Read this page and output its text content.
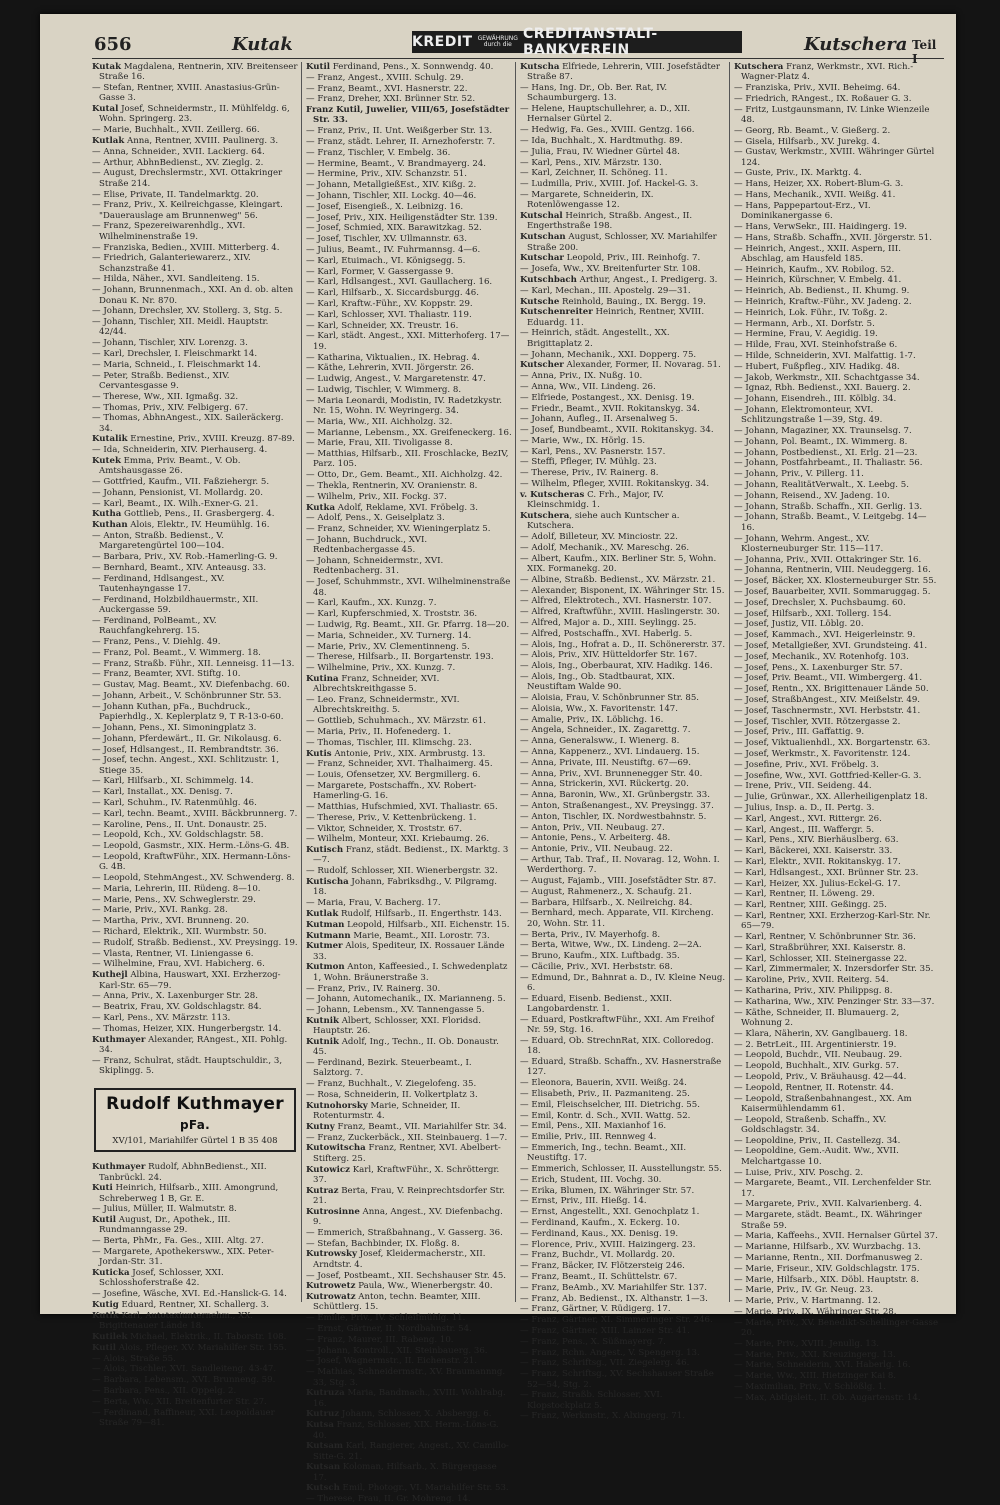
656	Kutak	KREDIT GEWÄHRUNG
durch die
CREDITANSTALT-BANKVEREIN	Kutschera Teil I
Kutak Magdalena, Rentnerin, XIV. Breitenseer Straße 16.
— Stefan, Rentner, XVIII. Anastasius-Grün-Gasse 3.
Kutal Josef, Schneidermstr., II. Mühlfeldg. 6, Wohn. Springerg. 23.
— Marie, Buchhalt., XVII. Zeillerg. 66.
Kutlak Anna, Rentner, XVIII. Paulinerg. 3.
— Anna, Schneider., XVII. Lackierg. 64.
— Arthur, AbhnBedienst., XV. Zieglg. 2.
— August, Drechslermstr., XVI. Ottakringer Straße 214.
— Elise, Private, II. Tandelmarktg. 20.
— Franz, Priv., X. Keilreichgasse, Kleingart. "Dauerauslage am Brunnenweg" 56.
— Franz, Spezereiwarenhdlg., XVI. Wilhelminenstraße 19.
— Franziska, Bedien., XVIII. Mitterberg. 4.
— Friedrich, Galanteriewarerz., XIV. Schanzstraße 41.
— Hilda, Näher., XVI. Sandleiteng. 15.
— Johann, Brunnenmach., XXI. An d. ob. alten Donau K. Nr. 870.
— Johann, Drechsler, XV. Stollerg. 3, Stg. 5.
— Johann, Tischler, XII. Meidl. Hauptstr. 42/44.
— Johann, Tischler, XIV. Lorenzg. 3.
— Karl, Drechsler, I. Fleischmarkt 14.
— Maria, Schneid., I. Fleischmarkt 14.
— Peter, Straßb. Bedienst., XIV. Cervantesgasse 9.
— Therese, Ww., XII. Igmaßg. 32.
— Thomas, Priv., XIV. Felbigerg. 67.
— Thomas, AbhnAngest., XIX. Saileräckerg. 34.
Kutalik Ernestine, Priv., XVIII. Kreuzg. 87-89.
— Ida, Schneiderin, XIV. Pierhauserg. 4.
Kutek Emma, Priv. Beamt., V. Ob. Amtshausgasse 26.
— Gottfried, Kaufm., VII. Faßziehergr. 5.
— Johann, Pensionist, VI. Mollardg. 20.
— Karl, Beamt., IX. Wilh.-Exner-G. 21.
Kutha Gottlieb, Pens., II. Grasbergerg. 4.
Kuthan Alois, Elektr., IV. Heumühlg. 16.
— Anton, Straßb. Bedienst., V. Margaretengürtel 100—104.
— Barbara, Priv., XV. Rob.-Hamerling-G. 9.
— Bernhard, Beamt., XIV. Anteausg. 33.
— Ferdinand, Hdlsangest., XV. Tautenhayngasse 17.
— Ferdinand, Holzbildhauermstr., XII. Auckergasse 59.
— Ferdinand, PolBeamt., XV. Rauchfangkehrerg. 15.
— Franz, Pens., V. Diehlg. 49.
— Franz, Pol. Beamt., V. Wimmerg. 18.
— Franz, Straßb. Führ., XII. Lenneisg. 11—13.
— Franz, Beamter, XVI. Stiftg. 10.
— Gustav, Mag. Beamt., XV. Diefenbachg. 60.
— Johann, Arbeit., V. Schönbrunner Str. 53.
— Johann Kuthan, pFa., Buchdruck., Papierhdlg., X. Keplerplatz 9, T R-13-0-60.
— Johann, Pens., XI. Simoningplatz 3.
— Johann, Pferdewärt., II. Gr. Nikolausg. 6.
— Josef, Hdlsangest., II. Rembrandtstr. 36.
— Josef, techn. Angest., XXI. Schlitzustr. 1, Stiege 35.
— Karl, Hilfsarb., XI. Schimmelg. 14.
— Karl, Installat., XX. Denisg. 7.
— Karl, Schuhm., IV. Ratenmühlg. 46.
— Karl, techn. Beamt., XVIII. Bäckbrunnerg. 7.
— Karoline, Pens., II. Unt. Donaustr. 25.
— Leopold, Kch., XV. Goldschlagstr. 58.
— Leopold, Gasmstr., XIX. Herm.-Löns-G. 4B.
— Leopold, KraftwFühr., XIX. Hermann-Löns-G. 4B.
— Leopold, StehmAngest., XV. Schwenderg. 8.
— Maria, Lehrerin, III. Rüdeng. 8—10.
— Marie, Pens., XV. Schweglerstr. 29.
— Marie, Priv., XVI. Rankg. 28.
— Martha, Priv., XVI. Brunneng. 20.
— Richard, Elektrik., XII. Wurmbstr. 50.
— Rudolf, Straßb. Bedienst., XV. Preysingg. 19.
— Vlasta, Rentner, VI. Liniengasse 6.
— Wilhelmine, Frau, XVI. Habicherg. 6.
Kuthejl Albina, Hauswart, XXI. Erzherzog-Karl-Str. 65—79.
— Anna, Priv., X. Laxenburger Str. 28.
— Beatrix, Frau, XV. Goldschlagstr. 84.
— Karl, Pens., XV. Märzstr. 113.
— Thomas, Heizer, XIX. Hungerbergstr. 14.
Kuthmayer Alexander, RAngest., XII. Pohlg. 34.
— Franz, Schulrat, städt. Hauptschuldir., 3, Skiplingg. 5.
Rudolf Kuthmayer pFa.
XV/101, Mariahilfer Gürtel 1 B 35 408
Kuthmayer Rudolf, AbhnBedienst., XII. Tanbrückl. 24.
Kuti Heinrich, Hilfsarb., XIII. Amongrund, Schreberweg 1 B, Gr. E.
— Julius, Müller, II. Walmutstr. 8.
Kutil August, Dr., Apothek., III. Rundmanngasse 29.
— Berta, PhMr., Fa. Ges., XIII. Altg. 27.
— Margarete, Apothekersww., XIX. Peter-Jordan-Str. 31.
Kuticka Josef, Schlosser, XXI. Schlosshoferstraße 42.
— Josefine, Wäsche, XVI. Ed.-Hanslick-G. 14.
Kutig Eduard, Rentner, XI. Schallerg. 3.
Kutik Karl, Autotaxiunternehm., XX. Brigittenauer Lände 18.
Kutilek Michael, Elektrik., II. Taborstr. 108.
Kutil Alois, Pfleger, XV. Mariahilfer Str. 155.
— Alois, Straße 55.
— Alois, Tischler, XVI. Sandleiteng. 43-47.
— Barbara, Lebensm., XVI. Brunneng. 59.
— Barbara, Pens., XII. Oppelg. 2.
— Berta, Ww., XII. Breitenfurter Str. 27.
— Ferdinand, Raffineur, XXI. Leopoldauer Straße 79—81.
Kutil Ferdinand, Pens., X. Sonnwendg. 40.
— Franz, Angest., XVIII. Schulg. 29.
— Franz, Beamt., XVI. Hasnerstr. 22.
— Franz, Dreher, XXI. Brünner Str. 52.
Franz Kutil, Juwelier, VIII/65, Josefstädter Str. 33.
— Franz, Priv., II. Unt. Weißgerber Str. 13.
— Franz, städt. Lehrer, II. Arnezhoferstr. 7.
— Franz, Tischler, V. Embelg. 36.
— Hermine, Beamt., V. Brandmayerg. 24.
— Hermine, Priv., XIV. Schanzstr. 51.
— Johann, MetallgießEst., XIV. Kißg. 2.
— Johann, Tischler, XII. Lockg. 40—46.
— Josef, Eisengieß., X. Leibnizg. 16.
— Josef, Priv., XIX. Heiligenstädter Str. 139.
— Josef, Schmied, XIX. Barawitzkag. 52.
— Josef, Tischler, XV. Ullmannstr. 63.
— Julius, Beamt., IV. Fuhrmannsg. 4—6.
— Karl, Etuimach., VI. Königsegg. 5.
— Karl, Former, V. Gassergasse 9.
— Karl, Hdlsangest., XVI. Gaullacherg. 16.
— Karl, Hilfsarb., X. Siccardsburgg. 46.
— Karl, Kraftw.-Führ., XV. Koppstr. 29.
— Karl, Schlosser, XVI. Thaliastr. 119.
— Karl, Schneider, XX. Treustr. 16.
— Karl, städt. Angest., XXI. Mitterhoferg. 17—19.
— Katharina, Viktualien., IX. Hebrag. 4.
— Käthe, Lehrerin, XVII. Jörgerstr. 26.
— Ludwig, Angest., V. Margaretenstr. 47.
— Ludwig, Tischler, V. Wimmerg. 8.
— Maria Leonardi, Modistin, IV. Radetzkystr. Nr. 15, Wohn. IV. Weyringerg. 34.
— Maria, Ww., XII. Aichholzg. 32.
— Marianne, Lebensm., XX. Greifeneckerg. 16.
— Marie, Frau, XII. Tivoligasse 8.
— Matthias, Hilfsarb., XII. Froschlacke, BezIV, Parz. 105.
— Otto, Dr., Gem. Beamt., XII. Aichholzg. 42.
— Thekla, Rentnerin, XV. Oranienstr. 8.
— Wilhelm, Priv., XII. Fockg. 37.
Kutka Adolf, Reklame, XVI. Fröbelg. 3.
— Adolf, Pens., X. Geiselplatz 3.
— Franz, Schneider, XV. Wieningerplatz 5.
— Johann, Buchdruck., XVI. Redtenbachergasse 45.
— Johann, Schneidermstr., XVI. Redtenbacherg. 31.
— Josef, Schuhmmstr., XVI. Wilhelminenstraße 48.
— Karl, Kaufm., XX. Kunzg. 7.
— Karl, Kupferschmied, X. Troststr. 36.
— Ludwig, Rg. Beamt., XII. Gr. Pfarrg. 18—20.
— Maria, Schneider., XV. Turnerg. 14.
— Marie, Priv., XV. Clementinneng. 5.
— Therese, Hilfsarb., II. Borgartenstr. 193.
— Wilhelmine, Priv., XX. Kunzg. 7.
Kutina Franz, Schneider, XVI. Albrechtskreithgasse 5.
— Leo. Franz, Schneidermstr., XVI. Albrechtskreithg. 5.
— Gottlieb, Schuhmach., XV. Märzstr. 61.
— Maria, Priv., II. Hofenederg. 1.
— Thomas, Tischler, III. Klimschg. 23.
Kutis Antonie, Priv., XIX. Armbrustg. 13.
— Franz, Schneider, XVI. Thalhaimerg. 45.
— Louis, Ofensetzer, XV. Bergmillerg. 6.
— Margarete, Postschaffn., XV. Robert-Hamerling-G. 16.
— Matthias, Hufschmied, XVI. Thaliastr. 65.
— Therese, Priv., V. Kettenbrückeng. 1.
— Viktor, Schneider, X. Troststr. 67.
— Wilhelm, Monteur, XXI. Kriebaumg. 26.
Kutisch Franz, städt. Bedienst., IX. Marktg. 3—7.
— Rudolf, Schlosser, XII. Wienerbergstr. 32.
Kutischa Johann, Fabriksdhg., V. Pilgramg. 18.
— Maria, Frau, V. Bacherg. 17.
Kutlak Rudolf, Hilfsarb., II. Engerthstr. 143.
Kutman Leopold, Hilfsarb., XII. Eichenstr. 15.
Kutmann Marie, Beamt., XII. Lorostr. 73.
Kutmer Alois, Spediteur, IX. Rossauer Lände 33.
Kutmon Anton, Kaffeesied., I. Schwedenplatz 1, Wohn. Bräunerstraße 3.
— Franz, Priv., IV. Rainerg. 30.
— Johann, Automechanik., IX. Marianneng. 5.
— Johann, Lebensm., XV. Tannengasse 5.
Kutnik Albert, Schlosser, XXI. Floridsd. Hauptstr. 26.
Kutnik Adolf, Ing., Techn., II. Ob. Donaustr. 45.
— Ferdinand, Bezirk. Steuerbeamt., I. Salztorg. 7.
— Franz, Buchhalt., V. Ziegelofeng. 35.
— Rosa, Schneiderin, II. Volkertplatz 3.
Kutnohorsky Marie, Schneider, II. Rotenturmstr. 4.
Kutny Franz, Beamt., VII. Mariahilfer Str. 34.
— Franz, Zuckerbäck., XII. Steinbauerg. 1—7.
Kutowitscha Franz, Rentner, XVI. Abelbert-Stifterg. 25.
Kutowicz Karl, KraftwFühr., X. Schröttergr. 37.
Kutraz Berta, Frau, V. Reinprechtsdorfer Str. 21.
Kutrosinne Anna, Angest., XV. Diefenbachg. 9.
— Emmerich, Straßbahnang., V. Gasserg. 36.
— Stefan, Bachbinder, IX. Floßg. 8.
Kutrowsky Josef, Kleidermacherstr., XII. Arndtstr. 4.
— Josef, Postbeamt., XII. Sechshauser Str. 45.
Kutrowetz Paula, Ww., Wienerbergstr. 40.
Kutrowatz Anton, techn. Beamter, XIII. Schüttlerg. 15.
— Emilie, Priv., IV. Schleifmühlg. 11.
— Ernst, Gärtner, II. Nordbahnstr. 54.
— Franz, Maurer, III. Rabeng. 10.
— Johann, Kontroll., XII. Steinbauerg. 36.
— Josef, Wagnermstr., II. Eichenstr. 21.
— Mathias, Schneidermstr., XV. Braumannng. 33, Stg. 3.
Kutruza Maria, Bandmach., XVIII. Wohlrabg. 16.
Kutruz Johann, Schlosser, X. Absbergg. 6.
Kutsa Franz, Schlosser, XIX. Herm.-Löns-G. 40.
Kutsam Karl, Rangierer, Angest., XV. Camillo-Sitte-G. 21.
Kutsan Koloman, Hilfsarb., X. Bürgergasse 17.
Kutsch Emil, Photogr., VI. Mariahilfer Str. 53.
— Therese, Frau, II. Gr. Mohreng. 14.
Kutscha Elfriede, Lehrerin, VIII. Josefstädter Straße 87.
— Hans, Ing. Dr., Ob. Ber. Rat, IV. Schaumburgerg. 13.
— Helene, Hauptschullehrer, a. D., XII. Hernalser Gürtel 2.
— Hedwig, Fa. Ges., XVIII. Gentzg. 166.
— Ida, Buchhalt., X. Hardtmuthg. 89.
— Julia, Frau, IV. Wiedner Gürtel 48.
— Karl, Pens., XIV. Märzstr. 130.
— Karl, Zeichner, II. Schöneg. 11.
— Ludmilla, Priv., XVIII. Jof. Hackel-G. 3.
— Margarete, Schneiderin, IX. Rotenlöwengasse 12.
Kutschal Heinrich, Straßb. Angest., II. Engerthstraße 198.
Kutschan August, Schlosser, XV. Mariahilfer Straße 200.
Kutschar Leopold, Priv., III. Reinhofg. 7.
— Josefa, Ww., XV. Breitenfurter Str. 108.
Kutschbach Arthur, Angest., I. Predigerg. 3.
— Karl, Mechan., III. Apostelg. 29—31.
Kutsche Reinhold, Bauing., IX. Bergg. 19.
Kutschenreiter Heinrich, Rentner, XVIII. Eduardg. 11.
— Heinrich, städt. Angestellt., XX. Brigittaplatz 2.
— Johann, Mechanik., XXI. Dopperg. 75.
Kutscher Alexander, Former, II. Novarag. 51.
— Anna, Priv., IX. Nußg. 10.
— Anna, Ww., VII. Lindeng. 26.
— Elfriede, Postangest., XX. Denisg. 19.
— Friedr., Beamt., XVII. Rokitanskyg. 34.
— Johann, Aufleg., II. Arsenalweg 5.
— Josef, Bundbeamt., XVII. Rokitanskyg. 34.
— Marie, Ww., IX. Hörlg. 15.
— Karl, Pens., XV. Pasnerstr. 157.
— Steffi, Pfleger, IV. Mühlg. 23.
— Therese, Priv., IV. Rainerg. 8.
— Wilhelm, Pfleger, XVIII. Rokitanskyg. 34.
v. Kutscheras C. Frh., Major, IV. Kleinschmidg. 1.
Kutschera, siehe auch Kuntscher a. Kutschera.
— Adolf, Billeteur, XV. Minciostr. 22.
— Adolf, Mechanik., XV. Mareschg. 26.
— Albert, Kaufm., XIX. Berliner Str. 5, Wohn. XIX. Formanekg. 20.
— Albine, Straßb. Bedienst., XV. Märzstr. 21.
— Alexander, Bisponent, IX. Währinger Str. 15.
— Alfred, Elektrotech., XVI. Hasnerstr. 107.
— Alfred, Kraftwführ., XVIII. Haslingerstr. 30.
— Alfred, Major a. D., XIII. Seylingg. 25.
— Alfred, Postschaffn., XVI. Haberlg. 5.
— Alois, Ing., Hofrat a. D., II. Schönererstr. 37.
— Alois, Priv., XIV. Hütteldorfer Str. 167.
— Alois, Ing., Oberbaurat, XIV. Hadikg. 146.
— Alois, Ing., Ob. Stadtbaurat, XIX. Neustiftam Walde 90.
— Aloisia, Frau, V. Schönbrunner Str. 85.
— Aloisia, Ww., X. Favoritenstr. 147.
— Amalie, Priv., IX. Löblichg. 16.
— Angela, Schneider., IX. Zagarettg. 7.
— Anna, Generalsww., I. Wienerg. 8.
— Anna, Kappenerz., XVI. Lindauerg. 15.
— Anna, Private, III. Neustiftg. 67—69.
— Anna, Priv., XVI. Brunnenegger Str. 40.
— Anna, Strickerin, XVI. Rückertg. 20.
— Anna, Baronin, Ww., XI. Grünbergstr. 33.
— Anton, Straßenangest., XV. Preysingg. 37.
— Anton, Tischler, IX. Nordwestbahnstr. 5.
— Anton, Priv., VII. Neubaug. 27.
— Antonie, Pens., V. Arbeiterg. 48.
— Antonie, Priv., VII. Neubaug. 22.
— Arthur, Tab. Traf., II. Novarag. 12, Wohn. I. Werderthorg. 7.
— August, Fajamb., VIII. Josefstädter Str. 87.
— August, Rahmenerz., X. Schaufg. 21.
— Barbara, Hilfsarb., X. Neilreichg. 84.
— Bernhard, mech. Apparate, VII. Kircheng. 20, Wohn. Str. 11.
— Berta, Priv., IV. Mayerhofg. 8.
— Berta, Witwe, Ww., IX. Lindeng. 2—2A.
— Bruno, Kaufm., XIX. Luftbadg. 35.
— Cäcilie, Priv., XVI. Herbststr. 68.
— Edmund, Dr., Bahnrat a. D., IV. Kleine Neug. 6.
— Eduard, Eisenb. Bedienst., XXII. Langobardenstr. 1.
— Eduard, PostkraftwFühr., XXI. Am Freihof Nr. 59, Stg. 16.
— Eduard, Ob. StrechnRat, XIX. Colloredog. 18.
— Eduard, Straßb. Schaffn., XV. Hasnerstraße 127.
— Eleonora, Bauerin, XVII. Weißg. 24.
— Elisabeth, Priv., II. Pazmaniteng. 25.
— Emil, Fleischselcher, III. Dietrichg. 55.
— Emil, Kontr. d. Sch., XVII. Wattg. 52.
— Emil, Pens., XII. Maxianhof 16.
— Emilie, Priv., III. Rennweg 4.
— Emmerich, Ing., techn. Beamt., XII. Neustiftg. 17.
— Emmerich, Schlosser, II. Ausstellungstr. 55.
— Erich, Student, III. Vochg. 30.
— Erika, Blumen, IX. Währinger Str. 57.
— Ernst, Priv., III. Hießg. 14.
— Ernst, Angestellt., XXI. Genochplatz 1.
— Ferdinand, Kaufm., X. Eckerg. 10.
— Ferdinand, Kaus., XX. Denisg. 19.
— Florence, Priv., XVIII. Haizingerg. 23.
— Franz, Buchdr., VI. Mollardg. 20.
— Franz, Bäcker, IV. Flötzersteig 246.
— Franz, Beamt., II. Schüttelstr. 67.
— Franz, BeAmb., XV. Mariahilfer Str. 137.
— Franz, Ab. Bedienst., IX. Althanstr. 1—3.
— Franz, Gärtner, V. Rüdigerg. 17.
— Franz, Gärtner, XI. Simmeringer Str. 246.
— Franz, Gärtner, XIII. Lainzer Str. 41.
— Franz, Pens., X. Süßmayerg. 7.
— Franz, Rchn. Angest., V. Spengerg. 13.
— Franz, Schriftsg., VII. Ziegelerg. 46.
— Franz, Schriftsg., XV. Sechshauser Straße 52—54, Stg. 2.
— Franz, Straßb. Schlosser, XVI. Klopstockplatz 5.
— Franz, Werkmstr., X. Alxingerg. 71.
Kutschera Franz, Werkmstr., XVI. Rich.-Wagner-Platz 4.
— Franziska, Priv., XVII. Beheimg. 64.
— Friedrich, RAngest., IX. Roßauer G. 3.
— Fritz, Lustgaunsmann, IV. Linke Wienzeile 48.
— Georg, Rb. Beamt., V. Gießerg. 2.
— Gisela, Hilfsarb., XV. Jurekg. 4.
— Gustav, Werkmstr., XVIII. Währinger Gürtel 124.
— Guste, Priv., IX. Marktg. 4.
— Hans, Heizer, XX. Robert-Blum-G. 3.
— Hans, Mechanik., XVII. Weißg. 41.
— Hans, Pappepartout-Erz., VI. Dominikanergasse 6.
— Hans, VerwSekr., III. Haidingerg. 19.
— Hans, Straßb. Schaffn., XVII. Jörgerstr. 51.
— Heinrich, Angest., XXII. Aspern, III. Abschlag, am Hausfeld 185.
— Heinrich, Kaufm., XV. Robilog. 52.
— Heinrich, Kürschner, V. Embelg. 41.
— Heinrich, Ab. Bedienst., II. Khumg. 9.
— Heinrich, Kraftw.-Führ., XV. Jadeng. 2.
— Heinrich, Lok. Führ., IV. Toßg. 2.
— Hermann, Arb., XI. Dorfstr. 5.
— Hermine, Frau, V. Aegidig. 19.
— Hilde, Frau, XVI. Steinhofstraße 6.
— Hilde, Schneiderin, XVI. Malfattig. 1-7.
— Hubert, Fußpfleg., XIV. Hadikg. 48.
— Jakob, Werkmstr., XII. Schachtgasse 34.
— Ignaz, Rbh. Bedienst., XXI. Bauerg. 2.
— Johann, Eisendreh., III. Kölblg. 34.
— Johann, Elektromonteur, XVI. Schlitzungstraße 1—39, Stg. 49.
— Johann, Magaziner, XX. Traunselsg. 7.
— Johann, Pol. Beamt., IX. Wimmerg. 8.
— Johann, Postbedienst., XI. Erlg. 21—23.
— Johann, Postfahrbeamt., II. Thaliastr. 56.
— Johann, Priv., V. Pillerg. 11.
— Johann, RealitätVerwalt., X. Leebg. 5.
— Johann, Reisend., XV. Jadeng. 10.
— Johann, Straßb. Schaffn., XII. Gerlig. 13.
— Johann, Straßb. Beamt., V. Leitgebg. 14—16.
— Johann, Wehrm. Angest., XV. Klosterneuburger Str. 115—117.
— Johanna, Priv., XVII. Ottakringer Str. 16.
— Johanna, Rentnerin, VIII. Neudeggerg. 16.
— Josef, Bäcker, XX. Klosterneuburger Str. 55.
— Josef, Bauarbeiter, XVII. Sommaruggag. 5.
— Josef, Drechsler, X. Puchsbaumg. 60.
— Josef, Hilfsarb., XXI. Tollerg. 154.
— Josef, Justiz, VII. Löblg. 20.
— Josef, Kammach., XVI. Heigerleinstr. 9.
— Josef, Metallgießer, XVI. Grundsteing. 41.
— Josef, Mechanik., XV. Rotenhofg. 103.
— Josef, Pens., X. Laxenburger Str. 57.
— Josef, Priv. Beamt., VII. Wimbergerg. 41.
— Josef, Rentn., XX. Brigittenauer Lände 50.
— Josef, StraßbAngest., XIV. Meißelstr. 49.
— Josef, Taschnermstr., XVI. Herbststr. 41.
— Josef, Tischler, XVII. Rötzergasse 2.
— Josef, Priv., III. Gaffattig. 9.
— Josef, Viktualienhdl., XX. Borgartenstr. 63.
— Josef, Werkmstr., X. Favoritenstr. 124.
— Josefine, Priv., XVI. Fröbelg. 3.
— Josefine, Ww., XVI. Gottfried-Keller-G. 3.
— Irene, Priv., VII. Seideng. 44.
— Julie, Grünwar., XX. Allerheiligenplatz 18.
— Julius, Insp. a. D., II. Pertg. 3.
— Karl, Angest., XVI. Rittergr. 26.
— Karl, Angest., III. Waffergr. 5.
— Karl, Pens., XIV. Bierhäuslberg. 63.
— Karl, Bäckerei, XXI. Kaiserstr. 33.
— Karl, Elektr., XVII. Rokitanskyg. 17.
— Karl, Hdlsangest., XXI. Brünner Str. 23.
— Karl, Heizer, XX. Julius-Eckel-G. 17.
— Karl, Rentner, II. Löweng. 29.
— Karl, Rentner, XIII. Geßingg. 25.
— Karl, Rentner, XXI. Erzherzog-Karl-Str. Nr. 65—79.
— Karl, Rentner, V. Schönbrunner Str. 36.
— Karl, Straßbrührer, XXI. Kaiserstr. 8.
— Karl, Schlosser, XII. Steinergasse 22.
— Karl, Zimmermaler, X. Inzersdorfer Str. 35.
— Karoline, Priv., XVII. Reiterg. 54.
— Katharina, Priv., XIV. Philippsg. 8.
— Katharina, Ww., XIV. Penzinger Str. 33—37.
— Käthe, Schneider, II. Blumauerg. 2, Wohnung 2.
— Klara, Näherin, XV. Ganglbauerg. 18.
— 2. BetrLeit., III. Argentinierstr. 19.
— Leopold, Buchdr., VII. Neubaug. 29.
— Leopold, Buchhalt., XIV. Gurkg. 57.
— Leopold, Priv., V. Bräuhausg. 42—44.
— Leopold, Rentner, II. Rotenstr. 44.
— Leopold, Straßenbahnangest., XX. Am Kaisermühlendamm 61.
— Leopold, Straßenb. Schaffn., XV. Goldschlagstr. 34.
— Leopoldine, Priv., II. Castellezg. 34.
— Leopoldine, Gem.-Audit. Ww., XVII. Melchartgasse 10.
— Luise, Priv., XIV. Poschg. 2.
— Margarete, Beamt., VII. Lerchenfelder Str. 17.
— Margarete, Priv., XVII. Kalvarienberg. 4.
— Margarete, städt. Beamt., IX. Währinger Straße 59.
— Maria, Kaffeehs., XVII. Hernalser Gürtel 37.
— Marianne, Hilfsarb., XV. Wurzbachg. 13.
— Marianne, Rentn., XII. Dorfmanusweg 2.
— Marie, Friseur., XIV. Goldschlagstr. 175.
— Marie, Hilfsarb., XIX. Döbl. Hauptstr. 8.
— Marie, Priv., IV. Gr. Neug. 23.
— Marie, Priv., V. Hartmanng. 12.
— Marie, Priv., IX. Währinger Str. 28.
— Marie, Priv., XV. Benedikt-Schellinger-Gasse 20.
— Marie, Priv., XVIII. Jenullg. 13.
— Marie, Priv., XXI. Kreuzingerg. 13.
— Marie, Schneiderin, XVI. Haberlg. 16.
— Marie, Ww., XIII. Hietzinger Kai 8.
— Maximilian, Priv., V. Schlößlg. 1.
— Max, Abtlgsleit., II. Ob. Augartenstr. 14.
